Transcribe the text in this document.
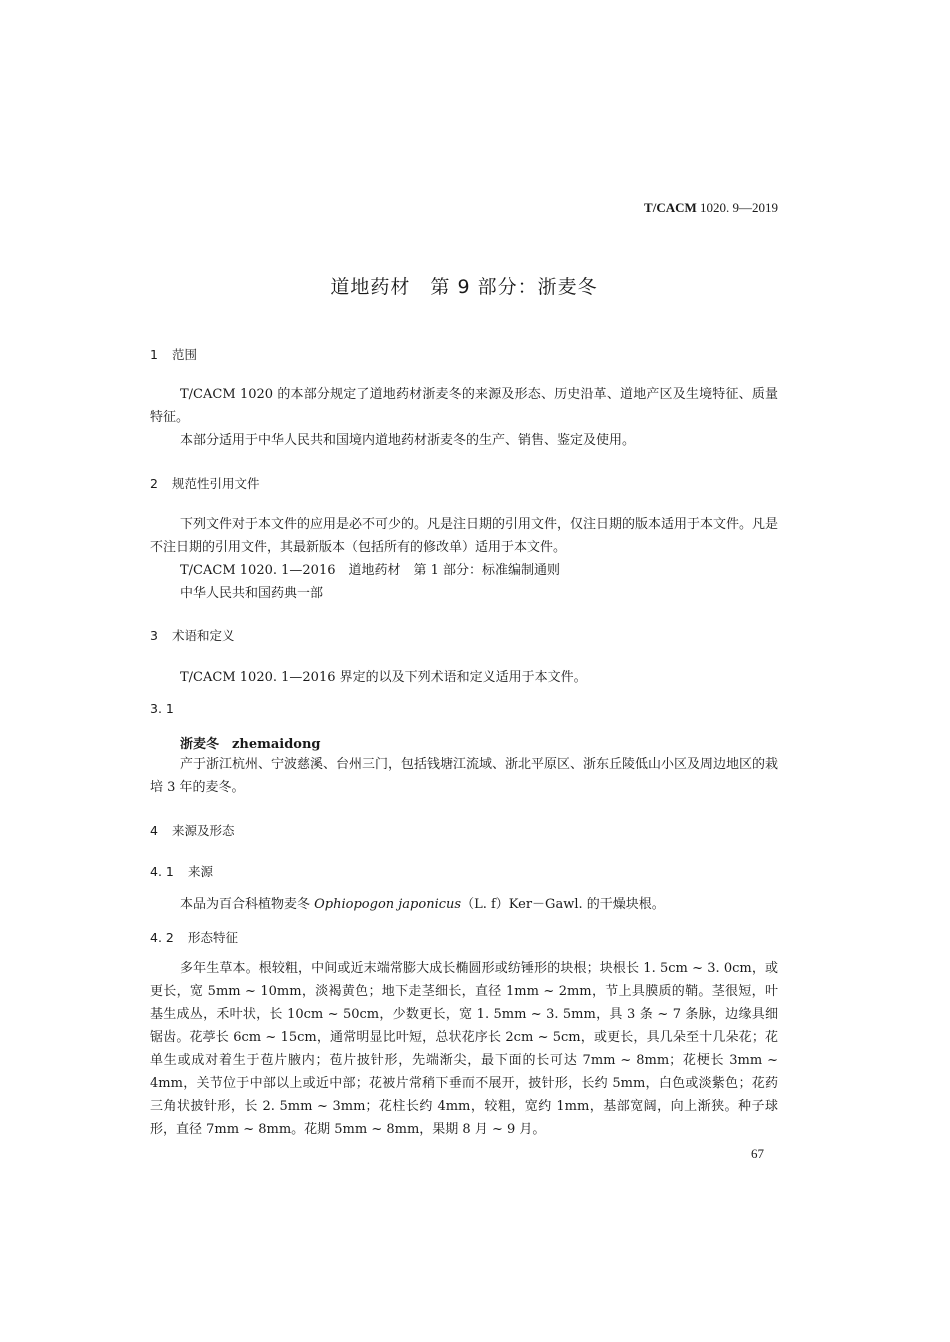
T/CACM 1020. 9—2019
道地药材　第 9 部分：浙麦冬
1 范围
T/CACM 1020 的本部分规定了道地药材浙麦冬的来源及形态、历史沿革、道地产区及生境特征、质量特征。
本部分适用于中华人民共和国境内道地药材浙麦冬的生产、销售、鉴定及使用。
2 规范性引用文件
下列文件对于本文件的应用是必不可少的。凡是注日期的引用文件，仅注日期的版本适用于本文件。凡是不注日期的引用文件，其最新版本（包括所有的修改单）适用于本文件。
T/CACM 1020. 1—2016　道地药材　第 1 部分：标准编制通则
中华人民共和国药典一部
3 术语和定义
T/CACM 1020. 1—2016 界定的以及下列术语和定义适用于本文件。
3. 1
浙麦冬　zhemaidong
产于浙江杭州、宁波慈溪、台州三门，包括钱塘江流域、浙北平原区、浙东丘陵低山小区及周边地区的栽培 3 年的麦冬。
4 来源及形态
4. 1 来源
本品为百合科植物麦冬 Ophiopogon japonicus（L. f）Ker－Gawl. 的干燥块根。
4. 2 形态特征
多年生草本。根较粗，中间或近末端常膨大成长椭圆形或纺锤形的块根；块根长 1. 5cm ~ 3. 0cm，或更长，宽 5mm ~ 10mm，淡褐黄色；地下走茎细长，直径 1mm ~ 2mm，节上具膜质的鞘。茎很短，叶基生成丛，禾叶状，长 10cm ~ 50cm，少数更长，宽 1. 5mm ~ 3. 5mm，具 3 条 ~ 7 条脉，边缘具细锯齿。花葶长 6cm ~ 15cm，通常明显比叶短，总状花序长 2cm ~ 5cm，或更长，具几朵至十几朵花；花单生或成对着生于苞片腋内；苞片披针形，先端渐尖，最下面的长可达 7mm ~ 8mm；花梗长 3mm ~ 4mm，关节位于中部以上或近中部；花被片常稍下垂而不展开，披针形，长约 5mm，白色或淡紫色；花药三角状披针形，长 2. 5mm ~ 3mm；花柱长约 4mm，较粗，宽约 1mm，基部宽阔，向上渐狭。种子球形，直径 7mm ~ 8mm。花期 5mm ~ 8mm，果期 8 月 ~ 9 月。
67
